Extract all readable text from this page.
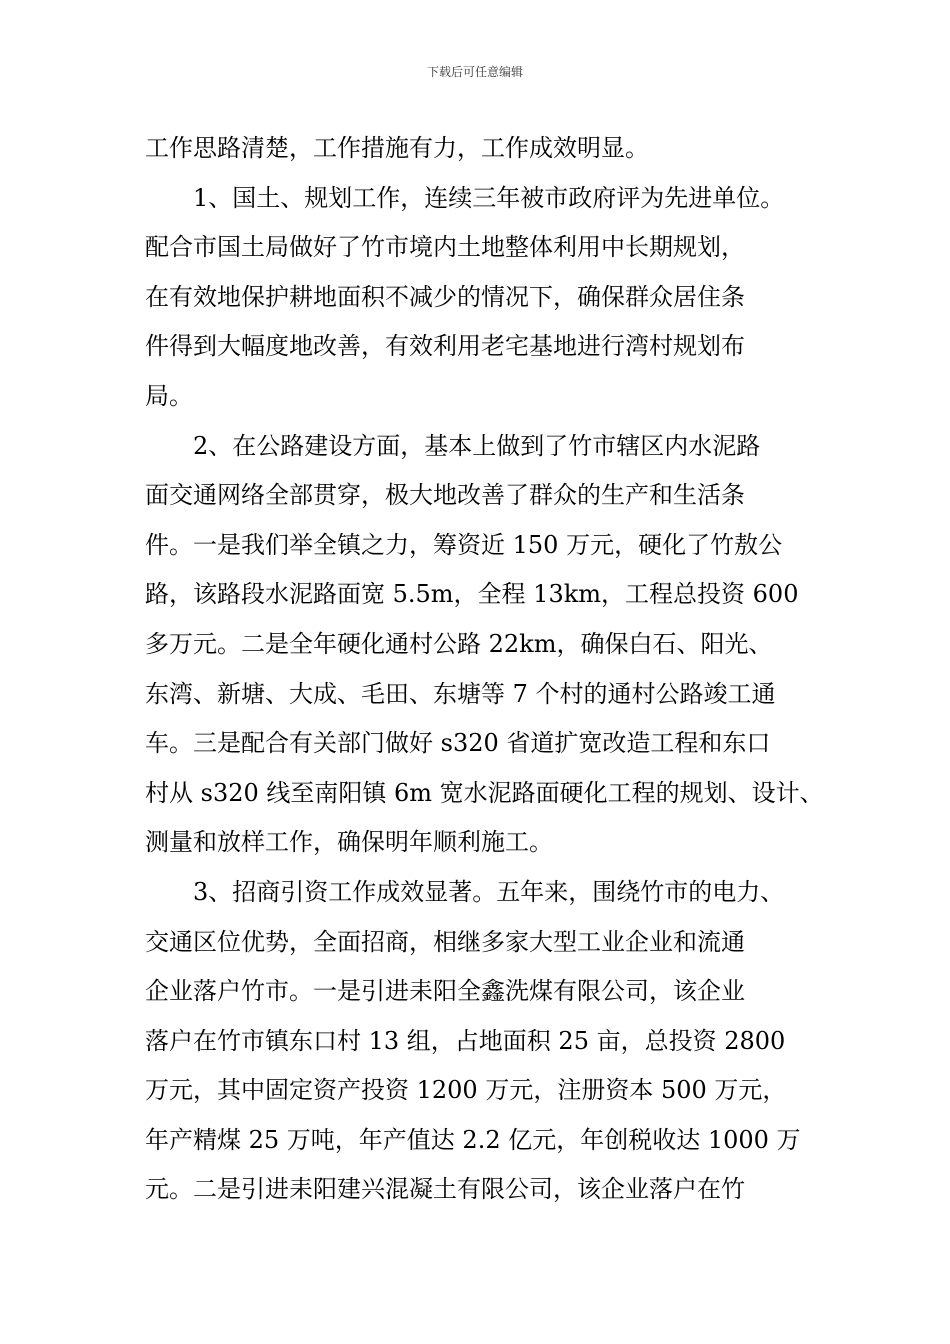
下载后可任意编辑
工作思路清楚，工作措施有力，工作成效明显。
1、国土、规划工作，连续三年被市政府评为先进单位。
配合市国土局做好了竹市境内土地整体利用中长期规划，
在有效地保护耕地面积不减少的情况下，确保群众居住条
件得到大幅度地改善，有效利用老宅基地进行湾村规划布
局。
2、在公路建设方面，基本上做到了竹市辖区内水泥路
面交通网络全部贯穿，极大地改善了群众的生产和生活条
件。一是我们举全镇之力，筹资近 150 万元，硬化了竹敖公
路，该路段水泥路面宽 5.5m，全程 13km，工程总投资 600
多万元。二是全年硬化通村公路 22km，确保白石、阳光、
东湾、新塘、大成、毛田、东塘等 7 个村的通村公路竣工通
车。三是配合有关部门做好 s320 省道扩宽改造工程和东口
村从 s320 线至南阳镇 6m 宽水泥路面硬化工程的规划、设计、
测量和放样工作，确保明年顺利施工。
3、招商引资工作成效显著。五年来，围绕竹市的电力、
交通区位优势，全面招商，相继多家大型工业企业和流通
企业落户竹市。一是引进耒阳全鑫洗煤有限公司，该企业
落户在竹市镇东口村 13 组，占地面积 25 亩，总投资 2800
万元，其中固定资产投资 1200 万元，注册资本 500 万元，
年产精煤 25 万吨，年产值达 2.2 亿元，年创税收达 1000 万
元。二是引进耒阳建兴混凝土有限公司，该企业落户在竹
